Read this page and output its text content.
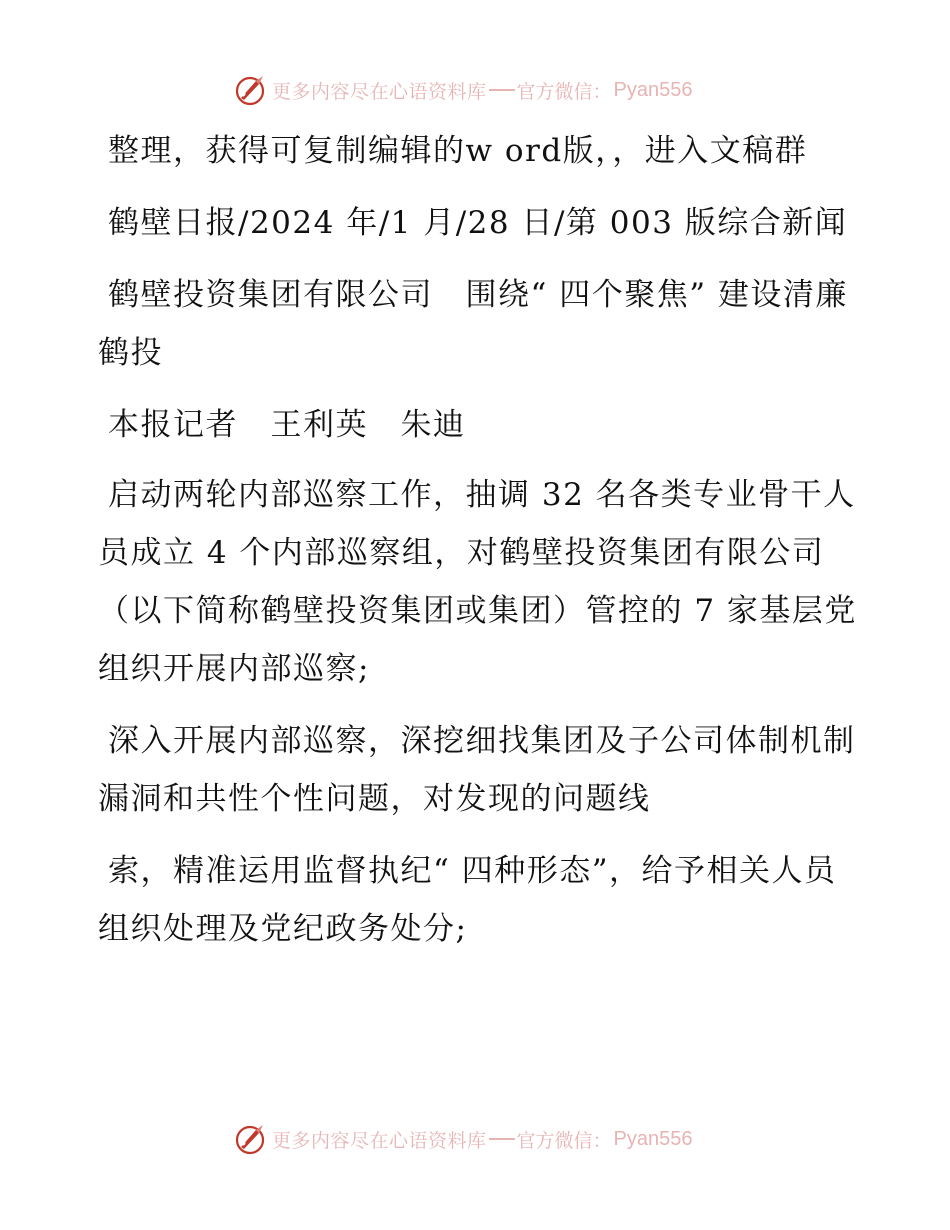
更多内容尽在心语资料库 官方微信： Pyan556

整理，获得可复制编辑的w ord版，，进入文稿群

鹤壁日报/2024 年/1 月/28 日/第 003 版综合新闻

鹤壁投资集团有限公司　围绕“ 四个聚焦” 建设清廉鹤投

本报记者　王利英　朱迪

启动两轮内部巡察工作，抽调 32 名各类专业骨干人员成立 4 个内部巡察组，对鹤壁投资集团有限公司（以下简称鹤壁投资集团或集团）管控的 7 家基层党组织开展内部巡察;

深入开展内部巡察，深挖细找集团及子公司体制机制漏洞和共性个性问题，对发现的问题线

索，精准运用监督执纪“ 四种形态”，给予相关人员组织处理及党纪政务处分;

更多内容尽在心语资料库 官方微信： Pyan556
